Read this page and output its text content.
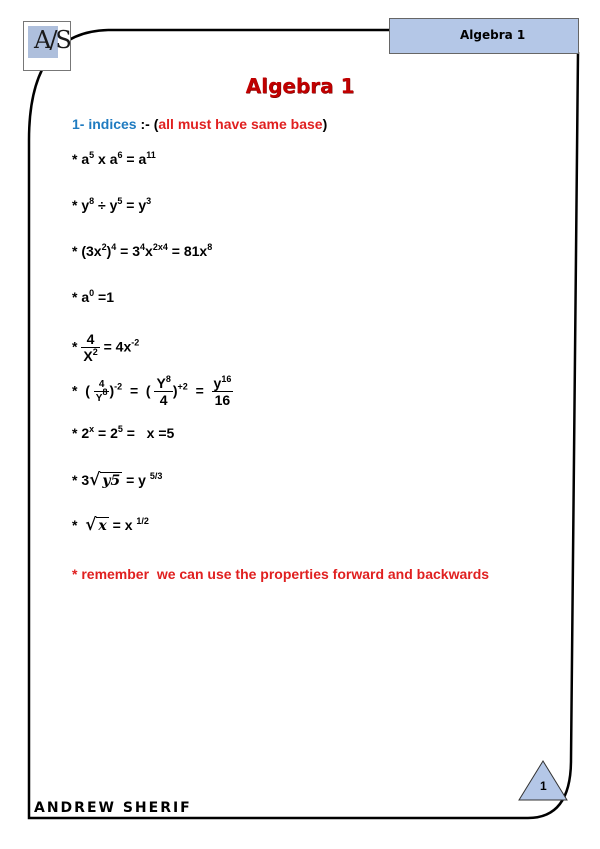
A/S	Algebra 1
Algebra 1
1- indices :- (all must have same base)
* $a^5$ x $a^6 = a^{11}$
* $y^8 \div y^5 = y^3$
* $(3x^2)^4 = 3^4x^{2x4} = 81x^8$
* $a^0 =1$
* $\frac{4}{X^2} = 4x^{-2}$
* ( $\frac{4}{Y^8} )^{-2}$ = ( $\frac{Y^8}{4} )^{+2} = \frac{y^{16}}{16}$
* $2^x = 2^5 = x =5$
* 3√ y5 = y $^{5/3}$
* √ x = x $^{1/2}$
* remember  we can use the properties forward and backwards
ANDREW SHERIF
1
